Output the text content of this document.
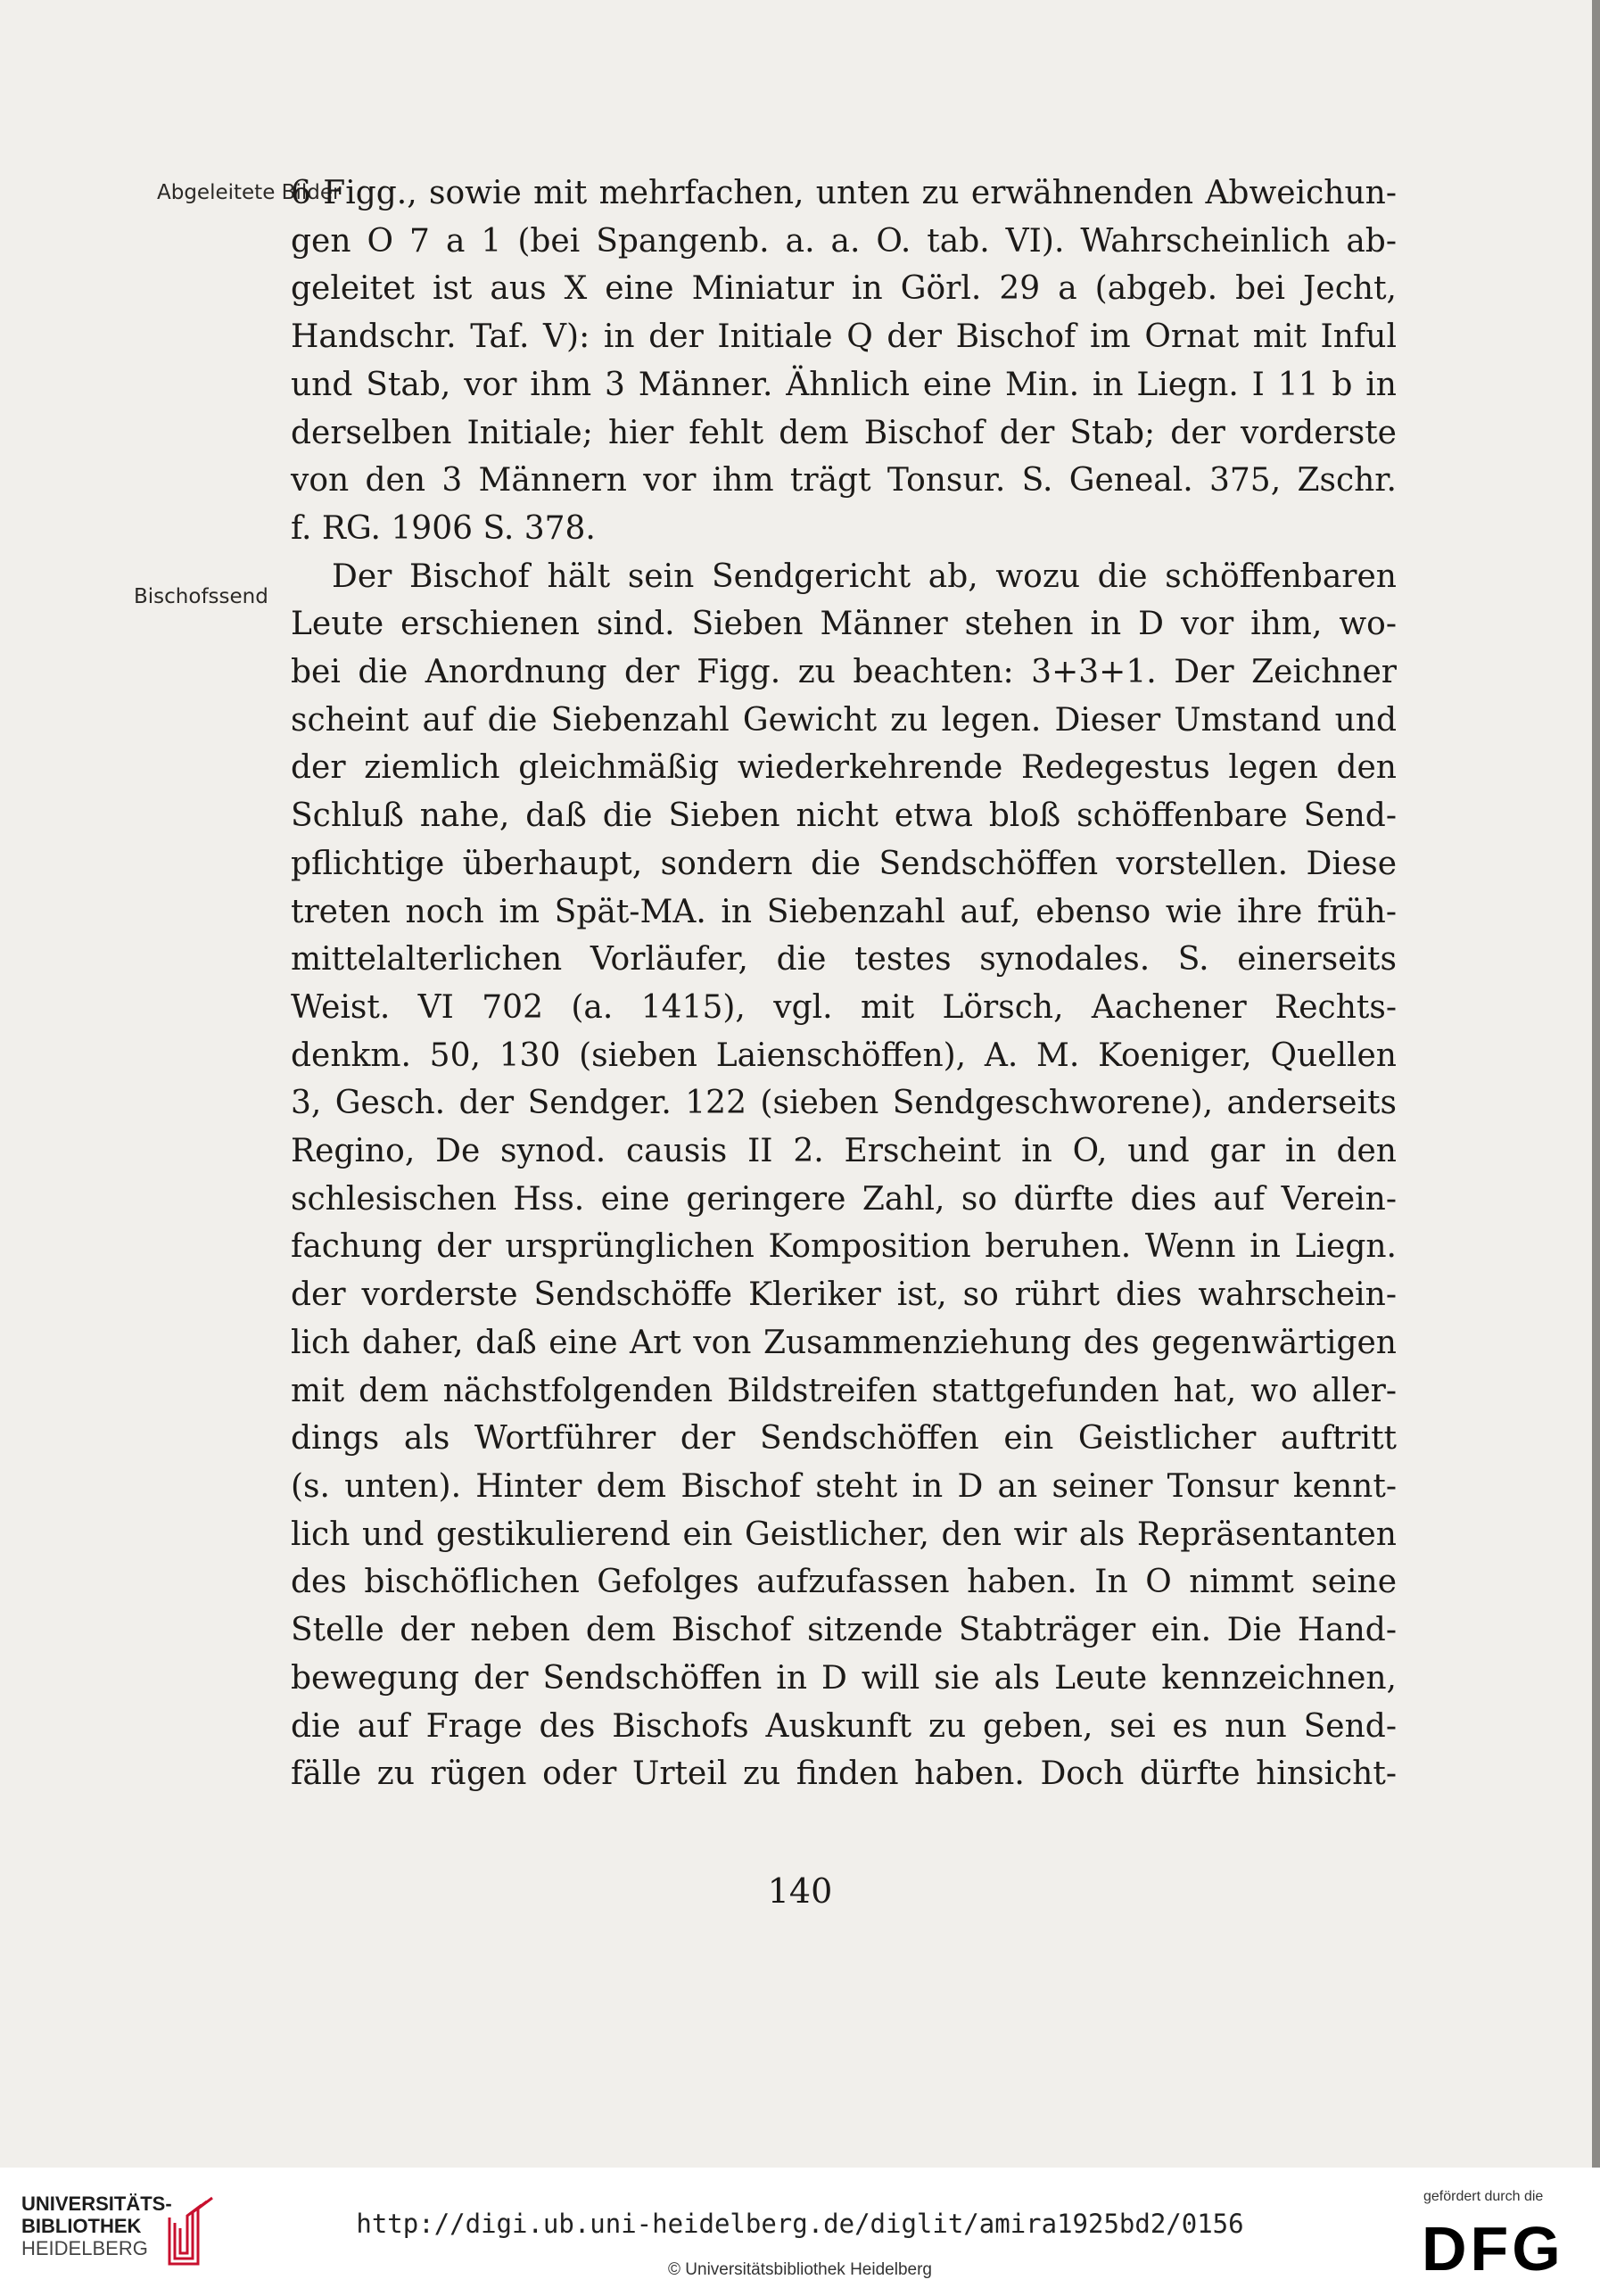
Abgeleitete Bilder
Bischofssend
6 Figg., sowie mit mehrfachen, unten zu erwähnenden Abweichun-
gen O 7 a 1 (bei Spangenb. a. a. O. tab. VI). Wahrscheinlich ab-
geleitet ist aus X eine Miniatur in Görl. 29 a (abgeb. bei Jecht,
Handschr. Taf. V): in der Initiale Q der Bischof im Ornat mit Inful
und Stab, vor ihm 3 Männer. Ähnlich eine Min. in Liegn. I 11 b in
derselben Initiale; hier fehlt dem Bischof der Stab; der vorderste
von den 3 Männern vor ihm trägt Tonsur. S. Geneal. 375, Zschr.
f. RG. 1906 S. 378.
Der Bischof hält sein Sendgericht ab, wozu die schöffenbaren
Leute erschienen sind. Sieben Männer stehen in D vor ihm, wo-
bei die Anordnung der Figg. zu beachten: 3+3+1. Der Zeichner
scheint auf die Siebenzahl Gewicht zu legen. Dieser Umstand und
der ziemlich gleichmäßig wiederkehrende Redegestus legen den
Schluß nahe, daß die Sieben nicht etwa bloß schöffenbare Send-
pflichtige überhaupt, sondern die Sendschöffen vorstellen. Diese
treten noch im Spät-MA. in Siebenzahl auf, ebenso wie ihre früh-
mittelalterlichen Vorläufer, die testes synodales. S. einerseits
Weist. VI 702 (a. 1415), vgl. mit Lörsch, Aachener Rechts-
denkm. 50, 130 (sieben Laienschöffen), A. M. Koeniger, Quellen
3, Gesch. der Sendger. 122 (sieben Sendgeschworene), anderseits
Regino, De synod. causis II 2. Erscheint in O, und gar in den
schlesischen Hss. eine geringere Zahl, so dürfte dies auf Verein-
fachung der ursprünglichen Komposition beruhen. Wenn in Liegn.
der vorderste Sendschöffe Kleriker ist, so rührt dies wahrschein-
lich daher, daß eine Art von Zusammenziehung des gegenwärtigen
mit dem nächstfolgenden Bildstreifen stattgefunden hat, wo aller-
dings als Wortführer der Sendschöffen ein Geistlicher auftritt
(s. unten). Hinter dem Bischof steht in D an seiner Tonsur kennt-
lich und gestikulierend ein Geistlicher, den wir als Repräsentanten
des bischöflichen Gefolges aufzufassen haben. In O nimmt seine
Stelle der neben dem Bischof sitzende Stabträger ein. Die Hand-
bewegung der Sendschöffen in D will sie als Leute kennzeichnen,
die auf Frage des Bischofs Auskunft zu geben, sei es nun Send-
fälle zu rügen oder Urteil zu finden haben. Doch dürfte hinsicht-
140
UNIVERSITÄTS-
BIBLIOTHEK
HEIDELBERG
http://digi.ub.uni-heidelberg.de/diglit/amira1925bd2/0156
© Universitätsbibliothek Heidelberg
gefördert durch die
DFG
